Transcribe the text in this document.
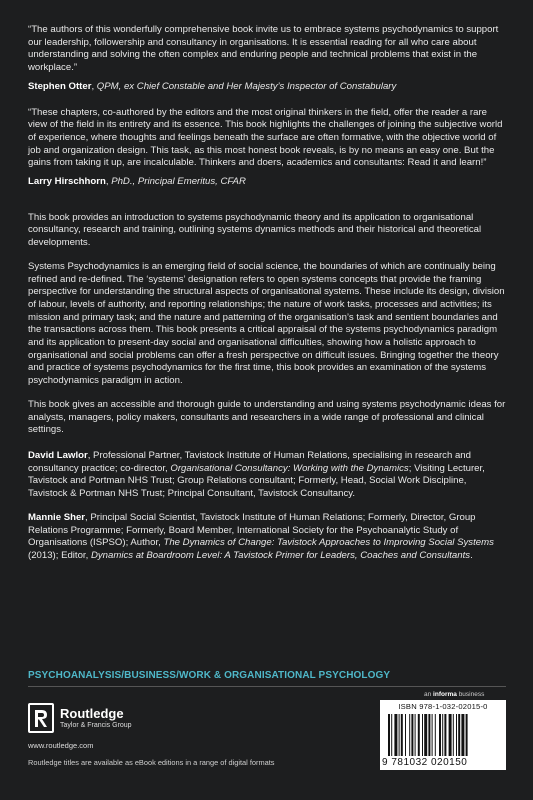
“The authors of this wonderfully comprehensive book invite us to embrace systems psychodynamics to support our leadership, followership and consultancy in organisations. It is essential reading for all who care about understanding and solving the often complex and enduring people and technical problems that exist in the workplace.”

Stephen Otter, QPM, ex Chief Constable and Her Majesty’s Inspector of Constabulary

“These chapters, co-authored by the editors and the most original thinkers in the field, offer the reader a rare view of the field in its entirety and its essence. This book highlights the challenges of joining the subjective world of experience, where thoughts and feelings beneath the surface are often formative, with the objective world of job and organization design. This task, as this most honest book reveals, is by no means an easy one. But the gains from taking it up, are incalculable. Thinkers and doers, academics and consultants: Read it and learn!”

Larry Hirschhorn, PhD., Principal Emeritus, CFAR

This book provides an introduction to systems psychodynamic theory and its application to organisational consultancy, research and training, outlining systems dynamics methods and their historical and theoretical developments.

Systems Psychodynamics is an emerging field of social science, the boundaries of which are continually being refined and re-defined. The ‘systems’ designation refers to open systems concepts that provide the framing perspective for understanding the structural aspects of organisational systems. These include its design, division of labour, levels of authority, and reporting relationships; the nature of work tasks, processes and activities; its mission and primary task; and the nature and patterning of the organisation’s task and sentient boundaries and the transactions across them. This book presents a critical appraisal of the systems psychodynamics paradigm and its application to present-day social and organisational difficulties, showing how a holistic approach to organisational and social problems can offer a fresh perspective on difficult issues. Bringing together the theory and practice of systems psychodynamics for the first time, this book provides an examination of the systems psychodynamics paradigm in action.

This book gives an accessible and thorough guide to understanding and using systems psychodynamic ideas for analysts, managers, policy makers, consultants and researchers in a wide range of professional and clinical settings.

David Lawlor, Professional Partner, Tavistock Institute of Human Relations, specialising in research and consultancy practice; co-director, Organisational Consultancy: Working with the Dynamics; Visiting Lecturer, Tavistock and Portman NHS Trust; Group Relations consultant; Formerly, Head, Social Work Discipline, Tavistock & Portman NHS Trust; Principal Consultant, Tavistock Consultancy.

Mannie Sher, Principal Social Scientist, Tavistock Institute of Human Relations; Formerly, Director, Group Relations Programme; Formerly, Board Member, International Society for the Psychoanalytic Study of Organisations (ISPSO); Author, The Dynamics of Change: Tavistock Approaches to Improving Social Systems (2013); Editor, Dynamics at Boardroom Level: A Tavistock Primer for Leaders, Coaches and Consultants.

PSYCHOANALYSIS/BUSINESS/WORK & ORGANISATIONAL PSYCHOLOGY
an informa business
Routledge
Taylor & Francis Group
www.routledge.com
Routledge titles are available as eBook editions in a range of digital formats
ISBN 978-1-032-02015-0
9 781032 020150
